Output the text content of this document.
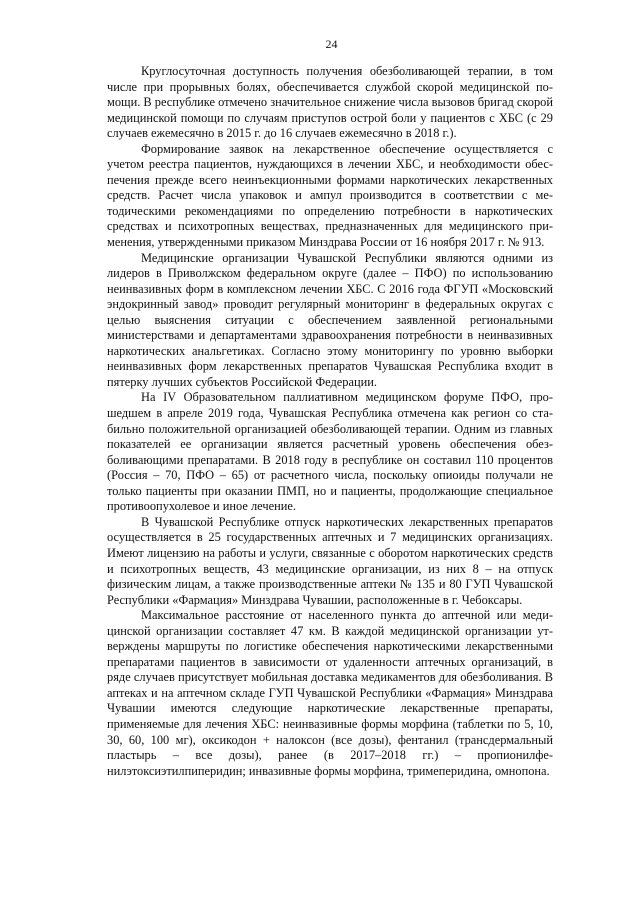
24

Круглосуточная доступность получения обезболивающей терапии, в том числе при прорывных болях, обеспечивается службой скорой медицинской помощи. В республике отмечено значительное снижение числа вызовов бригад скорой медицинской помощи по случаям приступов острой боли у пациентов с ХБС (с 29 случаев ежемесячно в 2015 г. до 16 случаев ежемесячно в 2018 г.).

Формирование заявок на лекарственное обеспечение осуществляется с учетом реестра пациентов, нуждающихся в лечении ХБС, и необходимости обеспечения прежде всего неинъекционными формами наркотических лекарственных средств. Расчет числа упаковок и ампул производится в соответствии с методическими рекомендациями по определению потребности в наркотических средствах и психотропных веществах, предназначенных для медицинского применения, утвержденными приказом Минздрава России от 16 ноября 2017 г. № 913.

Медицинские организации Чувашской Республики являются одними из лидеров в Приволжском федеральном округе (далее – ПФО) по использованию неинвазивных форм в комплексном лечении ХБС. С 2016 года ФГУП «Московский эндокринный завод» проводит регулярный мониторинг в федеральных округах с целью выяснения ситуации с обеспечением заявленной региональными министерствами и департаментами здравоохранения потребности в неинвазивных наркотических анальгетиках. Согласно этому мониторингу по уровню выборки неинвазивных форм лекарственных препаратов Чувашская Республика входит в пятерку лучших субъектов Российской Федерации.

На IV Образовательном паллиативном медицинском форуме ПФО, прошедшем в апреле 2019 года, Чувашская Республика отмечена как регион со стабильно положительной организацией обезболивающей терапии. Одним из главных показателей ее организации является расчетный уровень обеспечения обезболивающими препаратами. В 2018 году в республике он составил 110 процентов (Россия – 70, ПФО – 65) от расчетного числа, поскольку опиоиды получали не только пациенты при оказании ПМП, но и пациенты, продолжающие специальное противоопухолевое и иное лечение.

В Чувашской Республике отпуск наркотических лекарственных препаратов осуществляется в 25 государственных аптечных и 7 медицинских организациях. Имеют лицензию на работы и услуги, связанные с оборотом наркотических средств и психотропных веществ, 43 медицинские организации, из них 8 – на отпуск физическим лицам, а также производственные аптеки № 135 и 80 ГУП Чувашской Республики «Фармация» Минздрава Чувашии, расположенные в г. Чебоксары.

Максимальное расстояние от населенного пункта до аптечной или медицинской организации составляет 47 км. В каждой медицинской организации утверждены маршруты по логистике обеспечения наркотическими лекарственными препаратами пациентов в зависимости от удаленности аптечных организаций, в ряде случаев присутствует мобильная доставка медикаментов для обезболивания. В аптеках и на аптечном складе ГУП Чувашской Республики «Фармация» Минздрава Чувашии имеются следующие наркотические лекарственные препараты, применяемые для лечения ХБС: неинвазивные формы морфина (таблетки по 5, 10, 30, 60, 100 мг), оксикодон + налоксон (все дозы), фентанил (трансдермальный пластырь – все дозы), ранее (в 2017–2018 гг.) – пропионилфенилэтоксиэтилпиперидин; инвазивные формы морфина, тримеперидина, омнопона.
